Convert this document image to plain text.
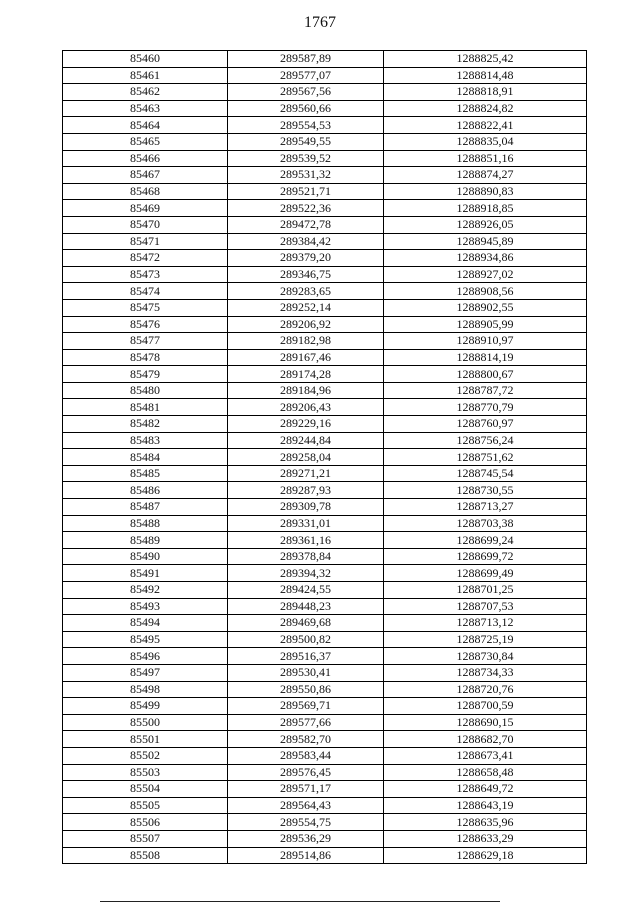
1767
85460	289587,89	1288825,42
85461	289577,07	1288814,48
85462	289567,56	1288818,91
85463	289560,66	1288824,82
85464	289554,53	1288822,41
85465	289549,55	1288835,04
85466	289539,52	1288851,16
85467	289531,32	1288874,27
85468	289521,71	1288890,83
85469	289522,36	1288918,85
85470	289472,78	1288926,05
85471	289384,42	1288945,89
85472	289379,20	1288934,86
85473	289346,75	1288927,02
85474	289283,65	1288908,56
85475	289252,14	1288902,55
85476	289206,92	1288905,99
85477	289182,98	1288910,97
85478	289167,46	1288814,19
85479	289174,28	1288800,67
85480	289184,96	1288787,72
85481	289206,43	1288770,79
85482	289229,16	1288760,97
85483	289244,84	1288756,24
85484	289258,04	1288751,62
85485	289271,21	1288745,54
85486	289287,93	1288730,55
85487	289309,78	1288713,27
85488	289331,01	1288703,38
85489	289361,16	1288699,24
85490	289378,84	1288699,72
85491	289394,32	1288699,49
85492	289424,55	1288701,25
85493	289448,23	1288707,53
85494	289469,68	1288713,12
85495	289500,82	1288725,19
85496	289516,37	1288730,84
85497	289530,41	1288734,33
85498	289550,86	1288720,76
85499	289569,71	1288700,59
85500	289577,66	1288690,15
85501	289582,70	1288682,70
85502	289583,44	1288673,41
85503	289576,45	1288658,48
85504	289571,17	1288649,72
85505	289564,43	1288643,19
85506	289554,75	1288635,96
85507	289536,29	1288633,29
85508	289514,86	1288629,18
